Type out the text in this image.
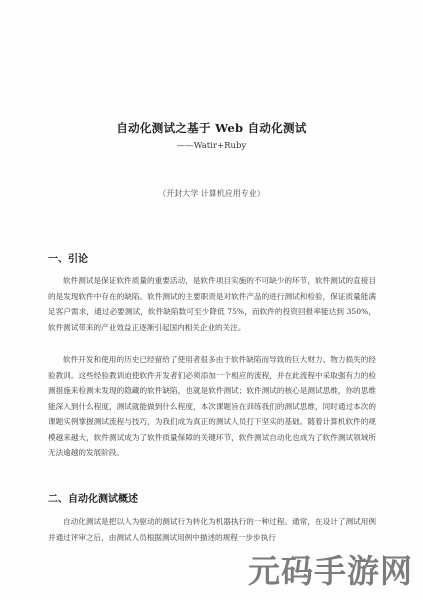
自动化测试之基于 Web 自动化测试
——Watir+Ruby
（开封大学 计算机应用专业）
一、引论
软件测试是保证软件质量的重要活动，是软件项目实施的不可缺少的环节，软件测试的直接目的是发现软件中存在的缺陷。软件测试的主要职责是对软件产品的进行测试和检验，保证质量能满足客户需求，通过必要测试，软件缺陷数可至少降低 75%，而软件的投资回报率能达到 350%，软件测试带来的产业效益正逐渐引起国内相关企业的关注。
软件开发和使用的历史已经留给了使用者很多由于软件缺陷而导致的巨大财力、物力损失的经验教训。这些经验教训迫使软件开发者们必须添加一个相应的流程，并在此流程中采取强有力的检测措施来检测未发现的隐藏的软件缺陷，也就是软件测试；软件测试的核心是测试思维，你的思维能深入到什么程度，测试就能做到什么程度，本次课题旨在训练我们的测试思维，同时通过本次的课题实例掌握测试流程与技巧，为我们成为真正的测试人员打下坚实的基础。随着计算机软件的规模越来越大，软件测试成为了软件质量保障的关键环节，软件测试自动化也成为了软件测试领域所无法逾越的发展阶段。
二、自动化测试概述
自动化测试是把以人为驱动的测试行为转化为机器执行的一种过程。通常，在设计了测试用例并通过评审之后，由测试人员根据测试用例中描述的规程一步步执行
元码手游网
